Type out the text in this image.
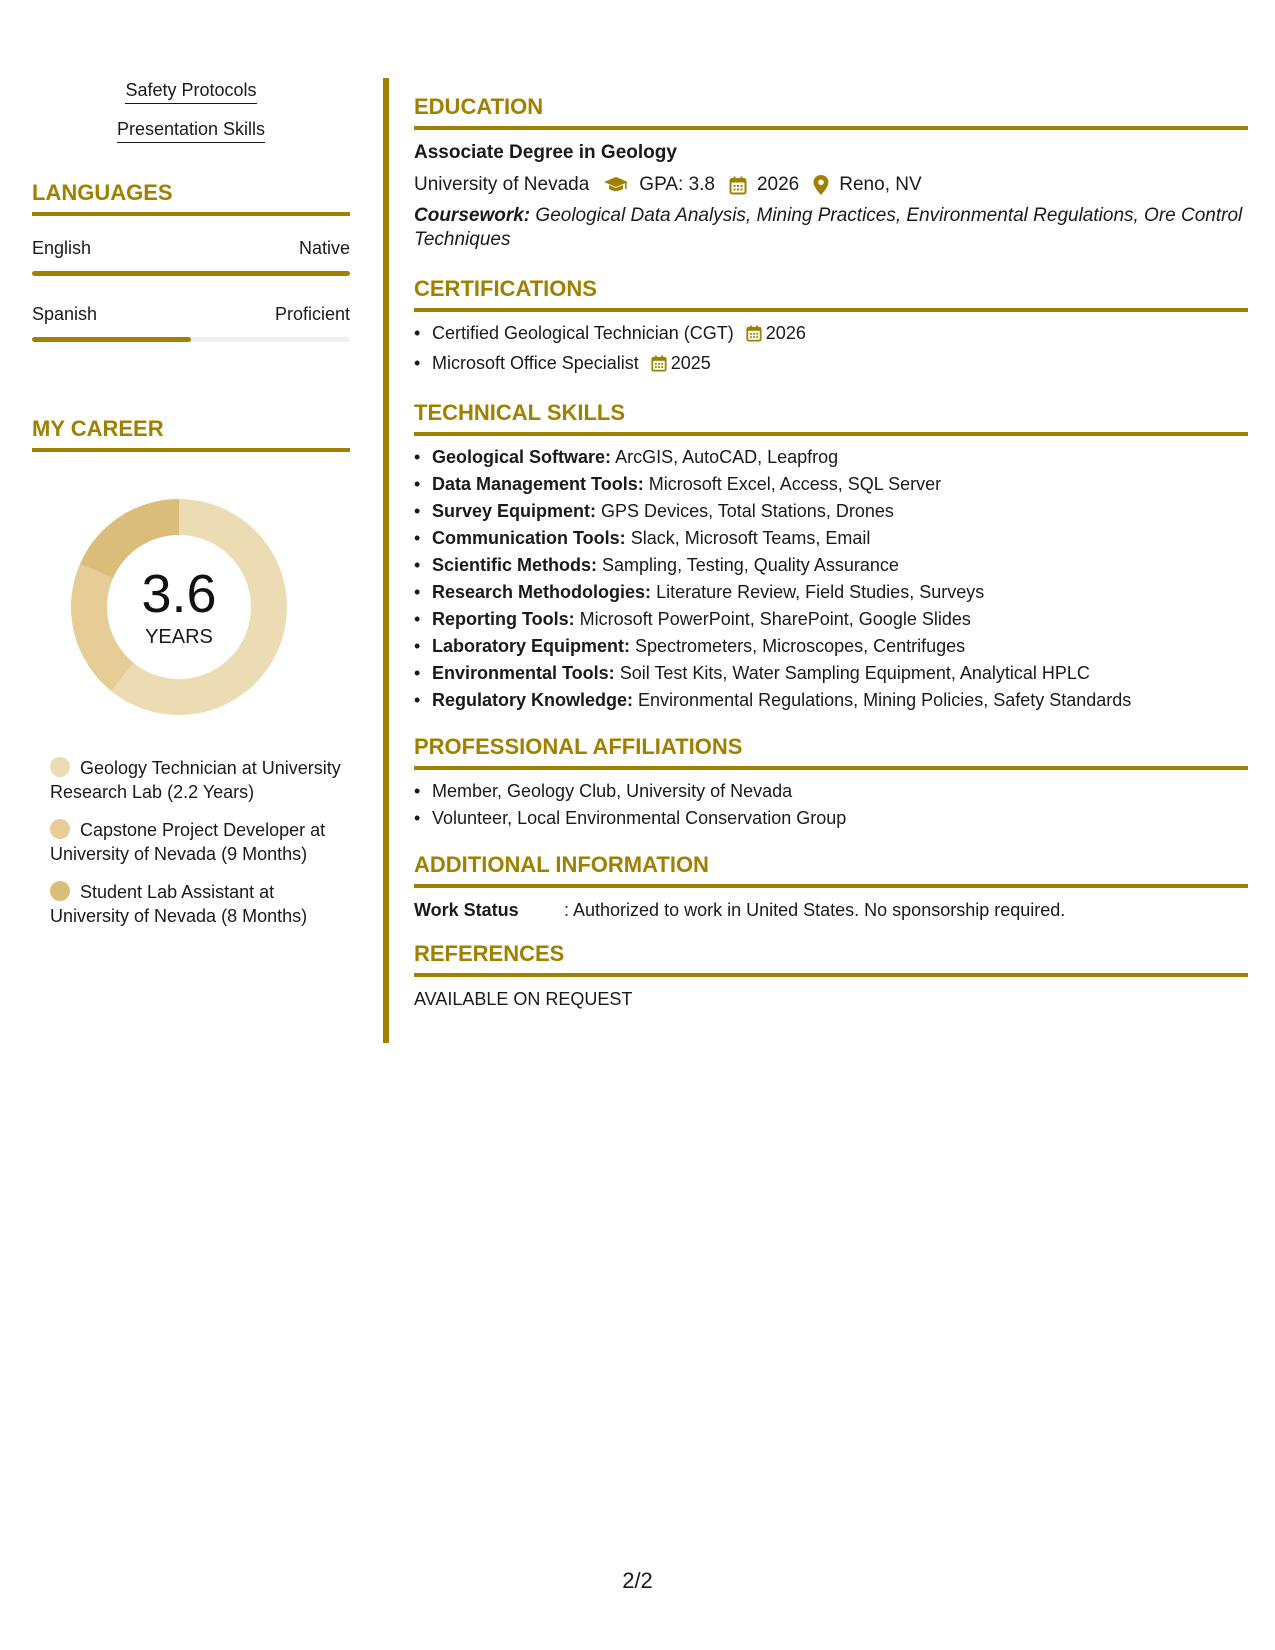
Safety Protocols
Presentation Skills
LANGUAGES
English	Native
Spanish	Proficient
MY CAREER
3.6
YEARS
Geology Technician at University Research Lab (2.2 Years)
Capstone Project Developer at University of Nevada (9 Months)
Student Lab Assistant at University of Nevada (8 Months)
EDUCATION
Associate Degree in Geology
University of Nevada	GPA: 3.8 2026 Reno, NV
Coursework: Geological Data Analysis, Mining Practices, Environmental Regulations, Ore Control Techniques
CERTIFICATIONS
• Certified Geological Technician (CGT) 2026
• Microsoft Office Specialist 2025
TECHNICAL SKILLS
• Geological Software: ArcGIS, AutoCAD, Leapfrog
• Data Management Tools: Microsoft Excel, Access, SQL Server
• Survey Equipment: GPS Devices, Total Stations, Drones
• Communication Tools: Slack, Microsoft Teams, Email
• Scientific Methods: Sampling, Testing, Quality Assurance
• Research Methodologies: Literature Review, Field Studies, Surveys
• Reporting Tools: Microsoft PowerPoint, SharePoint, Google Slides
• Laboratory Equipment: Spectrometers, Microscopes, Centrifuges
• Environmental Tools: Soil Test Kits, Water Sampling Equipment, Analytical HPLC
• Regulatory Knowledge: Environmental Regulations, Mining Policies, Safety Standards
PROFESSIONAL AFFILIATIONS
• Member, Geology Club, University of Nevada
• Volunteer, Local Environmental Conservation Group
ADDITIONAL INFORMATION
Work Status	: Authorized to work in United States. No sponsorship required.
REFERENCES
AVAILABLE ON REQUEST
2/2
